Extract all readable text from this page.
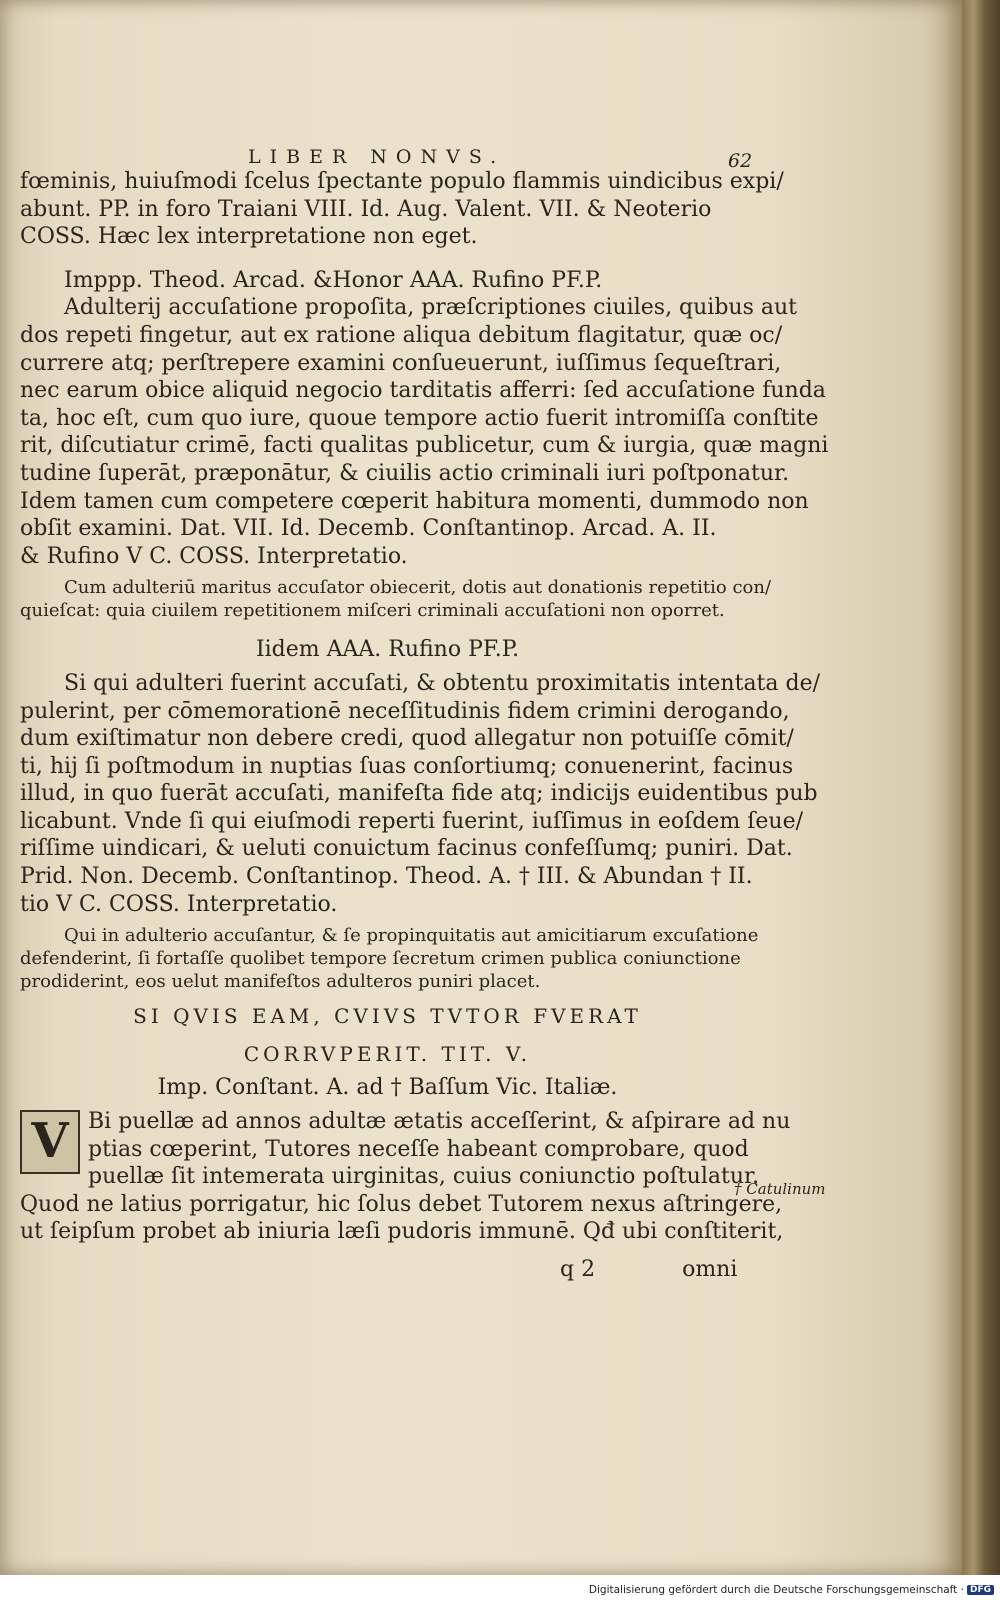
LIBER NONVS.	62
fœminis, huiuſmodi ſcelus ſpectante populo flammis uindicibus expi/
abunt. PP. in foro Traiani VIII. Id. Aug. Valent. VII. & Neoterio
COSS. Hæc lex interpretatione non eget.
Imppp. Theod. Arcad. &Honor AAA. Rufino PF.P.
Adulterij accuſatione propoſita, præſcriptiones ciuiles, quibus aut
dos repeti fingetur, aut ex ratione aliqua debitum flagitatur, quæ oc/
currere atq; perſtrepere examini conſueuerunt, iuſſimus ſequeſtrari,
nec earum obice aliquid negocio tarditatis afferri: ſed accuſatione funda
ta, hoc eſt, cum quo iure, quoue tempore actio fuerit intromiſſa conſtite
rit, diſcutiatur crimē, facti qualitas publicetur, cum & iurgia, quæ magni
tudine ſuperāt, præponātur, & ciuilis actio criminali iuri poſtponatur.
Idem tamen cum competere cœperit habitura momenti, dummodo non
obſit examini. Dat. VII. Id. Decemb. Conſtantinop. Arcad. A. II.
& Rufino V C. COSS. Interpretatio.
Cum adulteriū maritus accuſator obiecerit, dotis aut donationis repetitio con/
quieſcat: quia ciuilem repetitionem miſceri criminali accuſationi non oporret.
Iidem AAA. Rufino PF.P.
Si qui adulteri fuerint accuſati, & obtentu proximitatis intentata de/
pulerint, per cōmemorationē neceſſitudinis fidem crimini derogando,
dum exiſtimatur non debere credi, quod allegatur non potuiſſe cōmit/
ti, hij ſi poſtmodum in nuptias ſuas conſortiumq; conuenerint, facinus
illud, in quo fuerāt accuſati, manifeſta fide atq; indicijs euidentibus pub
licabunt. Vnde ſi qui eiuſmodi reperti fuerint, iuſſimus in eoſdem ſeue/
riſſime uindicari, & ueluti conuictum facinus confeſſumq; puniri. Dat.
Prid. Non. Decemb. Conſtantinop. Theod. A. † III. & Abundan † II.
tio V C. COSS. Interpretatio.
Qui in adulterio accuſantur, & ſe propinquitatis aut amicitiarum excuſatione
defenderint, ſi fortaſſe quolibet tempore ſecretum crimen publica coniunctione
prodiderint, eos uelut manifeſtos adulteros puniri placet.
SI QVIS EAM, CVIVS TVTOR FVERAT
CORRVPERIT. TIT. V.
Imp. Conſtant. A. ad † Baſſum Vic. Italiæ.
V Bi puellæ ad annos adultæ ætatis acceſſerint, & aſpirare ad nu
ptias cœperint, Tutores neceſſe habeant comprobare, quod
puellæ ſit intemerata uirginitas, cuius coniunctio poſtulatur.
Quod ne latius porrigatur, hic ſolus debet Tutorem nexus aſtringere,
ut ſeipſum probet ab iniuria læſi pudoris immunē. Qđ ubi conſtiterit,
q 2	omni
† Catulinum
Digitalisierung gefördert durch die Deutsche Forschungsgemeinschaft · DFG
